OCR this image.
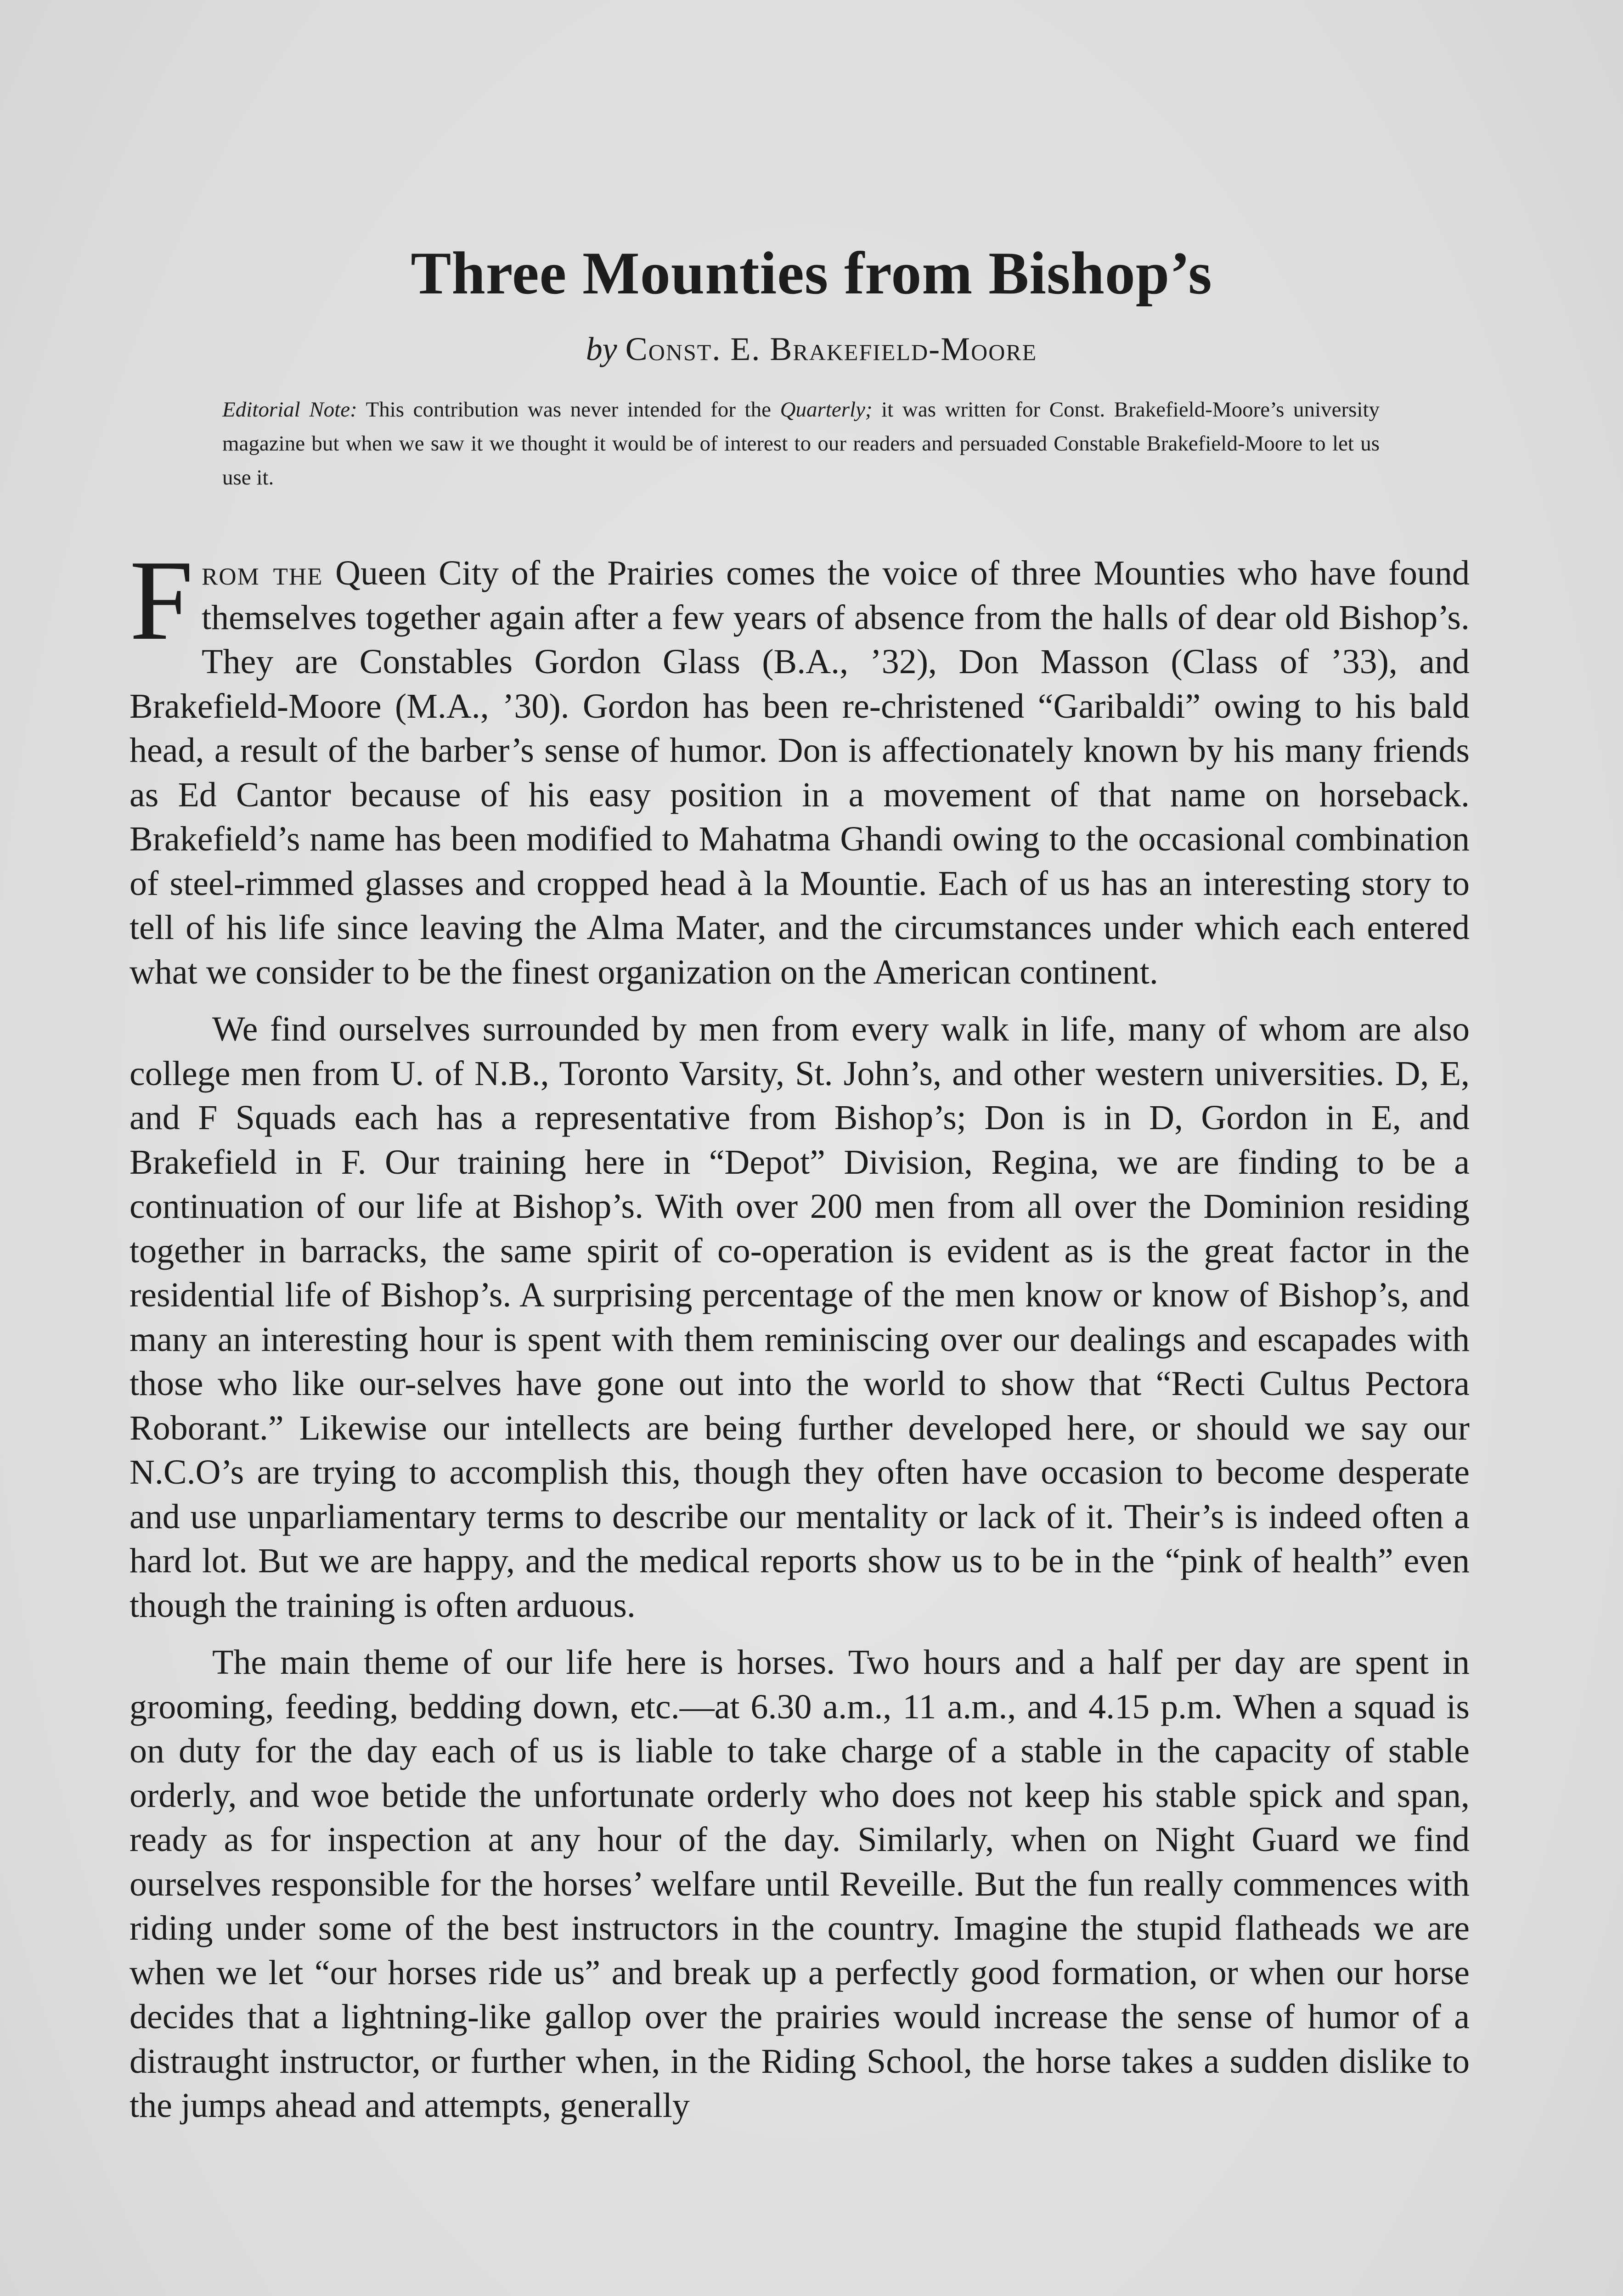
Three Mounties from Bishop’s
by Const. E. Brakefield-Moore
Editorial Note: This contribution was never intended for the Quarterly; it was written for Const. Brakefield-Moore’s university magazine but when we saw it we thought it would be of interest to our readers and persuaded Constable Brakefield-Moore to let us use it.

From the Queen City of the Prairies comes the voice of three Mounties who have found themselves together again after a few years of absence from the halls of dear old Bishop’s. They are Constables Gordon Glass (B.A., ’32), Don Masson (Class of ’33), and Brakefield-Moore (M.A., ’30). Gordon has been re-christened “Garibaldi” owing to his bald head, a result of the barber’s sense of humor. Don is affectionately known by his many friends as Ed Cantor because of his easy position in a movement of that name on horseback. Brakefield’s name has been modified to Mahatma Ghandi owing to the occasional combination of steel-rimmed glasses and cropped head à la Mountie. Each of us has an interesting story to tell of his life since leaving the Alma Mater, and the circumstances under which each entered what we consider to be the finest organization on the American continent.

We find ourselves surrounded by men from every walk in life, many of whom are also college men from U. of N.B., Toronto Varsity, St. John’s, and other western universities. D, E, and F Squads each has a representative from Bishop’s; Don is in D, Gordon in E, and Brakefield in F. Our training here in “Depot” Division, Regina, we are finding to be a continuation of our life at Bishop’s. With over 200 men from all over the Dominion residing together in barracks, the same spirit of co-operation is evident as is the great factor in the residential life of Bishop’s. A surprising percentage of the men know or know of Bishop’s, and many an interesting hour is spent with them reminiscing over our dealings and escapades with those who like our-selves have gone out into the world to show that “Recti Cultus Pectora Roborant.” Likewise our intellects are being further developed here, or should we say our N.C.O’s are trying to accomplish this, though they often have occasion to become desperate and use unparliamentary terms to describe our mentality or lack of it. Their’s is indeed often a hard lot. But we are happy, and the medical reports show us to be in the “pink of health” even though the training is often arduous.

The main theme of our life here is horses. Two hours and a half per day are spent in grooming, feeding, bedding down, etc.—at 6.30 a.m., 11 a.m., and 4.15 p.m. When a squad is on duty for the day each of us is liable to take charge of a stable in the capacity of stable orderly, and woe betide the unfortunate orderly who does not keep his stable spick and span, ready as for inspection at any hour of the day. Similarly, when on Night Guard we find ourselves responsible for the horses’ welfare until Reveille. But the fun really commences with riding under some of the best instructors in the country. Imagine the stupid flatheads we are when we let “our horses ride us” and break up a perfectly good formation, or when our horse decides that a lightning-like gallop over the prairies would increase the sense of humor of a distraught instructor, or further when, in the Riding School, the horse takes a sudden dislike to the jumps ahead and attempts, generally
